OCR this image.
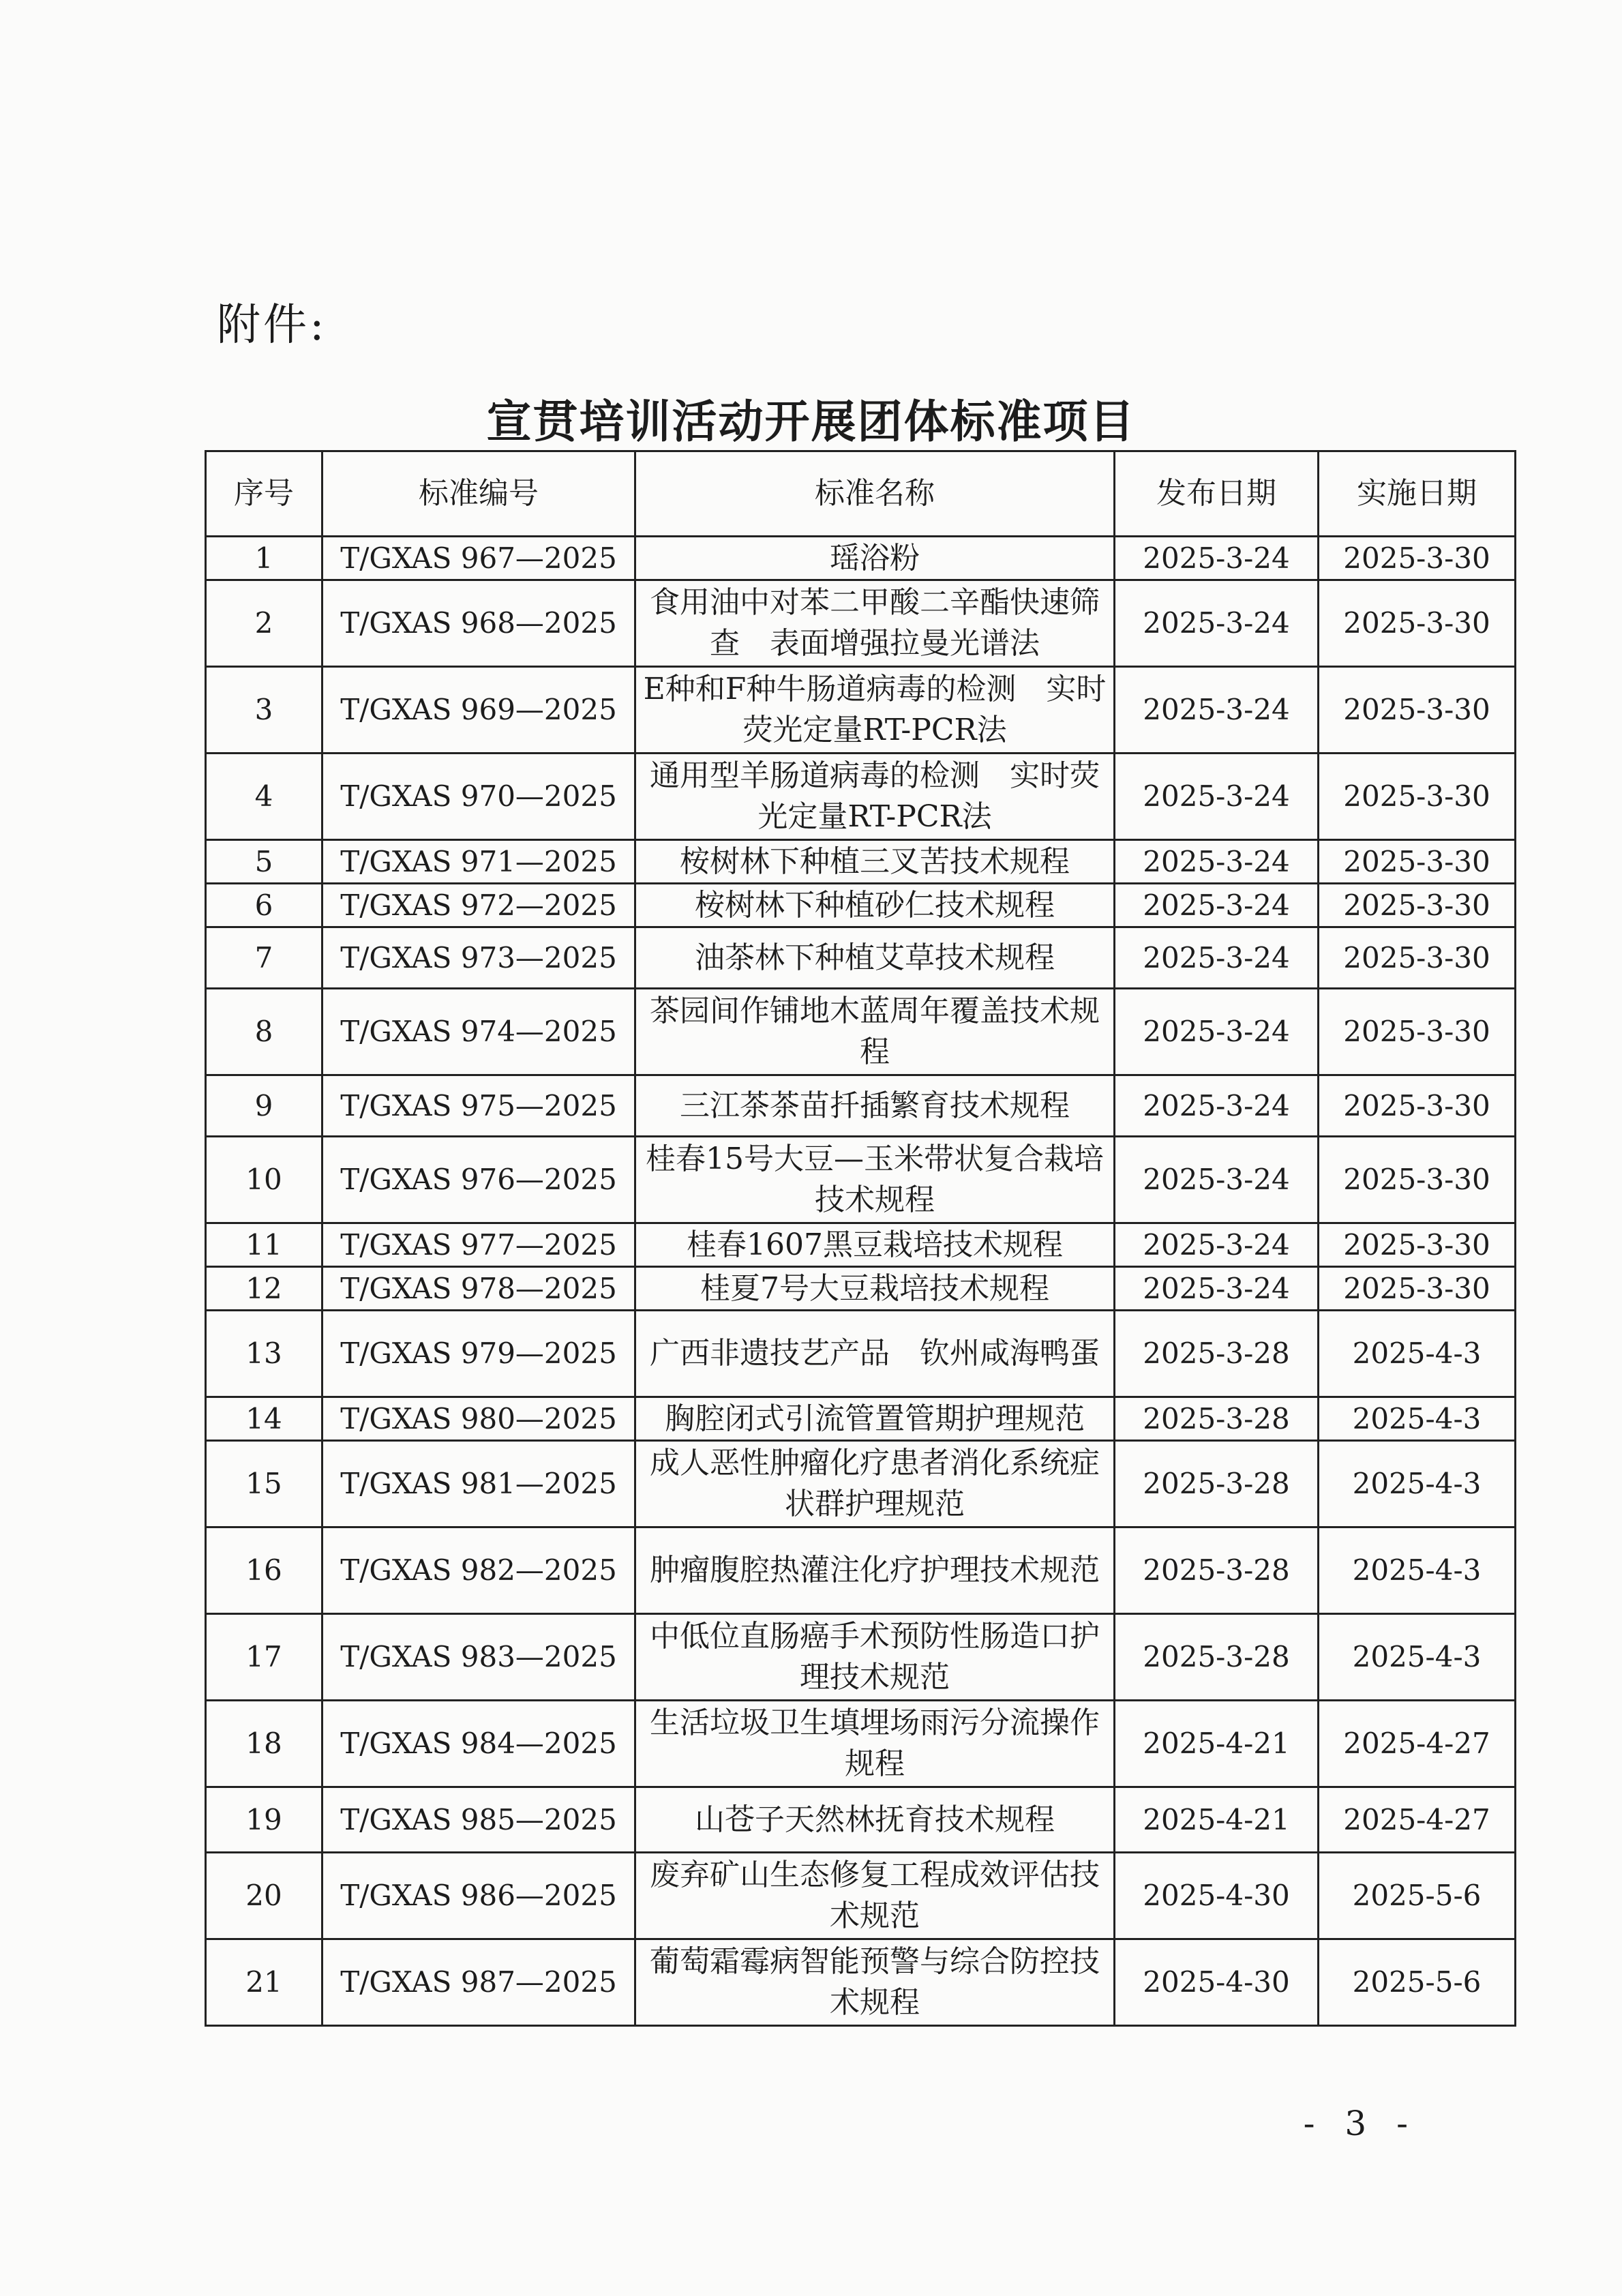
附件:
宣贯培训活动开展团体标准项目
序号	标准编号	标准名称	发布日期	实施日期
1	T/GXAS 967—2025	瑶浴粉	2025-3-24	2025-3-30
2	T/GXAS 968—2025	食用油中对苯二甲酸二辛酯快速筛查　表面增强拉曼光谱法	2025-3-24	2025-3-30
3	T/GXAS 969—2025	E种和F种牛肠道病毒的检测　实时荧光定量RT-PCR法	2025-3-24	2025-3-30
4	T/GXAS 970—2025	通用型羊肠道病毒的检测　实时荧光定量RT-PCR法	2025-3-24	2025-3-30
5	T/GXAS 971—2025	桉树林下种植三叉苦技术规程	2025-3-24	2025-3-30
6	T/GXAS 972—2025	桉树林下种植砂仁技术规程	2025-3-24	2025-3-30
7	T/GXAS 973—2025	油茶林下种植艾草技术规程	2025-3-24	2025-3-30
8	T/GXAS 974—2025	茶园间作铺地木蓝周年覆盖技术规程	2025-3-24	2025-3-30
9	T/GXAS 975—2025	三江茶茶苗扦插繁育技术规程	2025-3-24	2025-3-30
10	T/GXAS 976—2025	桂春15号大豆—玉米带状复合栽培技术规程	2025-3-24	2025-3-30
11	T/GXAS 977—2025	桂春1607黑豆栽培技术规程	2025-3-24	2025-3-30
12	T/GXAS 978—2025	桂夏7号大豆栽培技术规程	2025-3-24	2025-3-30
13	T/GXAS 979—2025	广西非遗技艺产品　钦州咸海鸭蛋	2025-3-28	2025-4-3
14	T/GXAS 980—2025	胸腔闭式引流管置管期护理规范	2025-3-28	2025-4-3
15	T/GXAS 981—2025	成人恶性肿瘤化疗患者消化系统症状群护理规范	2025-3-28	2025-4-3
16	T/GXAS 982—2025	肿瘤腹腔热灌注化疗护理技术规范	2025-3-28	2025-4-3
17	T/GXAS 983—2025	中低位直肠癌手术预防性肠造口护理技术规范	2025-3-28	2025-4-3
18	T/GXAS 984—2025	生活垃圾卫生填埋场雨污分流操作规程	2025-4-21	2025-4-27
19	T/GXAS 985—2025	山苍子天然林抚育技术规程	2025-4-21	2025-4-27
20	T/GXAS 986—2025	废弃矿山生态修复工程成效评估技术规范	2025-4-30	2025-5-6
21	T/GXAS 987—2025	葡萄霜霉病智能预警与综合防控技术规程	2025-4-30	2025-5-6
- 3 -
